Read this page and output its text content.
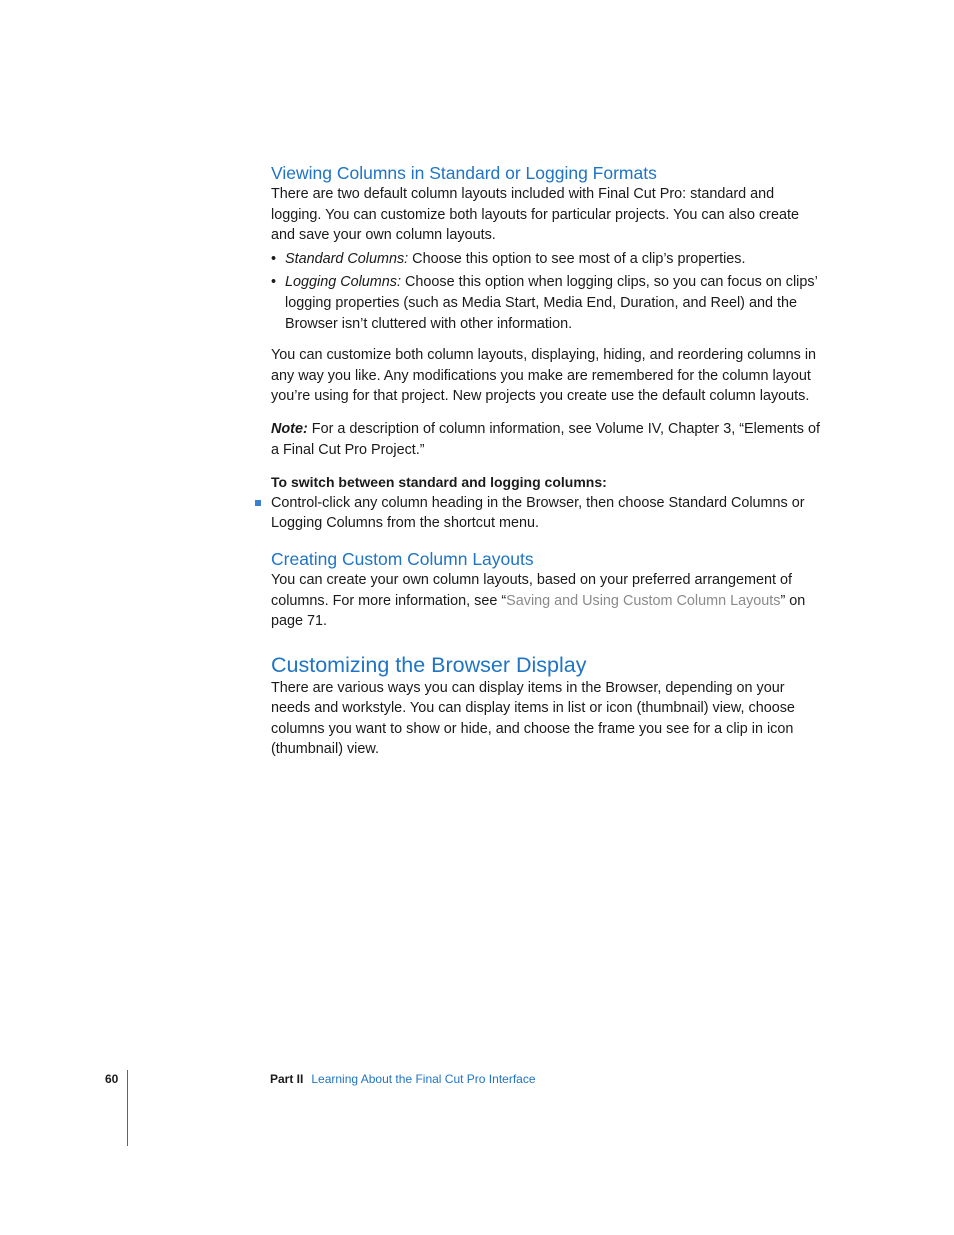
Viewing Columns in Standard or Logging Formats

There are two default column layouts included with Final Cut Pro: standard and logging. You can customize both layouts for particular projects. You can also create and save your own column layouts.

• Standard Columns: Choose this option to see most of a clip’s properties.
• Logging Columns: Choose this option when logging clips, so you can focus on clips’ logging properties (such as Media Start, Media End, Duration, and Reel) and the Browser isn’t cluttered with other information.

You can customize both column layouts, displaying, hiding, and reordering columns in any way you like. Any modifications you make are remembered for the column layout you’re using for that project. New projects you create use the default column layouts.

Note: For a description of column information, see Volume IV, Chapter 3, “Elements of a Final Cut Pro Project.”

To switch between standard and logging columns:

Control-click any column heading in the Browser, then choose Standard Columns or Logging Columns from the shortcut menu.

Creating Custom Column Layouts

You can create your own column layouts, based on your preferred arrangement of columns. For more information, see “Saving and Using Custom Column Layouts” on page 71.

Customizing the Browser Display

There are various ways you can display items in the Browser, depending on your needs and workstyle. You can display items in list or icon (thumbnail) view, choose columns you want to show or hide, and choose the frame you see for a clip in icon (thumbnail) view.

60	Part II Learning About the Final Cut Pro Interface
